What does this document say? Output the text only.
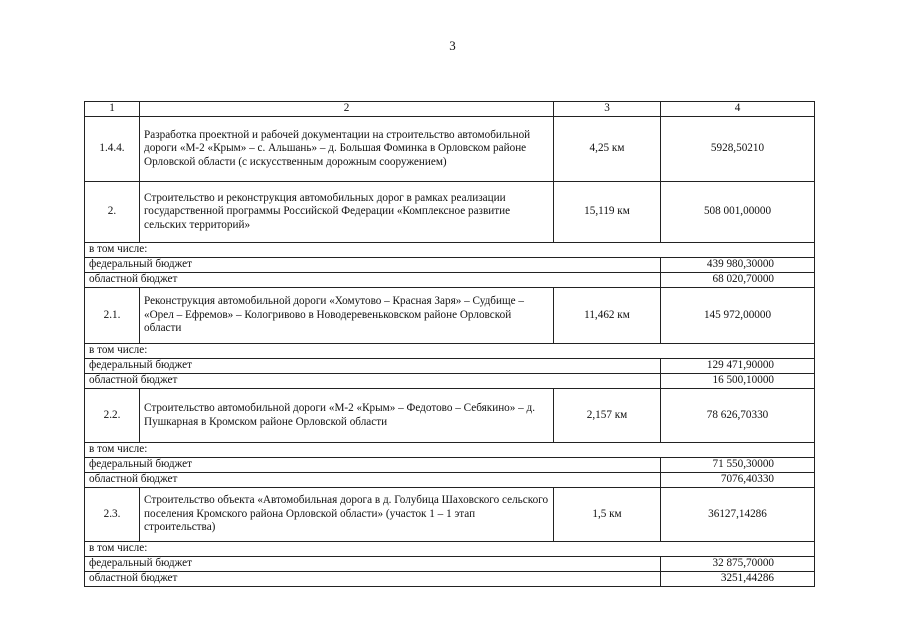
3
1	2	3	4
1.4.4.	Разработка проектной и рабочей документации на строительство автомобильной дороги «М-2 «Крым» – с. Альшань» – д. Большая Фоминка в Орловском районе Орловской области (с искусственным дорожным сооружением)	4,25 км	5928,50210
2.	Строительство и реконструкция автомобильных дорог в рамках реализации государственной программы Российской Федерации «Комплексное развитие сельских территорий»	15,119 км	508 001,00000
в том числе:			
федеральный бюджет			439 980,30000
областной бюджет			68 020,70000
2.1.	Реконструкция автомобильной дороги «Хомутово – Красная Заря» – Судбище – «Орел – Ефремов» – Кологривово в Новодеревеньковском районе Орловской области	11,462 км	145 972,00000
в том числе:			
федеральный бюджет			129 471,90000
областной бюджет			16 500,10000
2.2.	Строительство автомобильной дороги «М-2 «Крым» – Федотово – Себякино» – д. Пушкарная в Кромском районе Орловской области	2,157 км	78 626,70330
в том числе:			
федеральный бюджет			71 550,30000
областной бюджет			7076,40330
2.3.	Строительство объекта «Автомобильная дорога в д. Голубица Шаховского сельского поселения Кромского района Орловской области» (участок 1 – 1 этап строительства)	1,5 км	36127,14286
в том числе:			
федеральный бюджет			32 875,70000
областной бюджет			3251,44286
